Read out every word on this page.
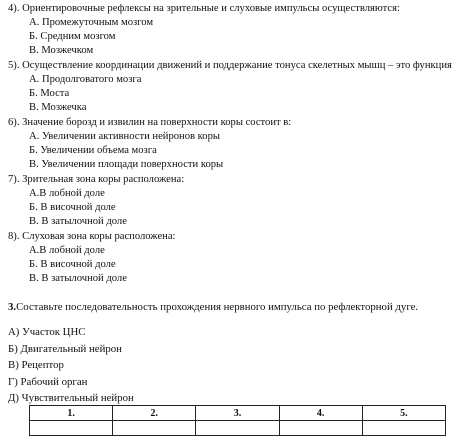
4). Ориентировочные рефлексы на зрительные и слуховые импульсы осуществляются:
А. Промежуточным мозгом
Б. Средним мозгом
В. Мозжечком
5). Осуществление координации движений и поддержание тонуса скелетных мышц – это функция
А. Продолговатого мозга
Б. Моста
В. Мозжечка
6). Значение борозд и извилин на поверхности коры состоит в:
А. Увеличении активности нейронов коры
Б. Увеличении объема мозга
В. Увеличении площади поверхности коры
7). Зрительная зона коры расположена:
А.В лобной доле
Б. В височной доле
В. В затылочной доле
8). Слуховая зона коры расположена:
А.В лобной доле
Б. В височной доле
В. В затылочной доле
3.Составьте последовательность прохождения нервного импульса по рефлекторной дуге.
А) Участок ЦНС
Б) Двигательный нейрон
В) Рецептор
Г) Рабочий орган
Д) Чувствительный нейрон
1.	2.	3.	4.	5.
